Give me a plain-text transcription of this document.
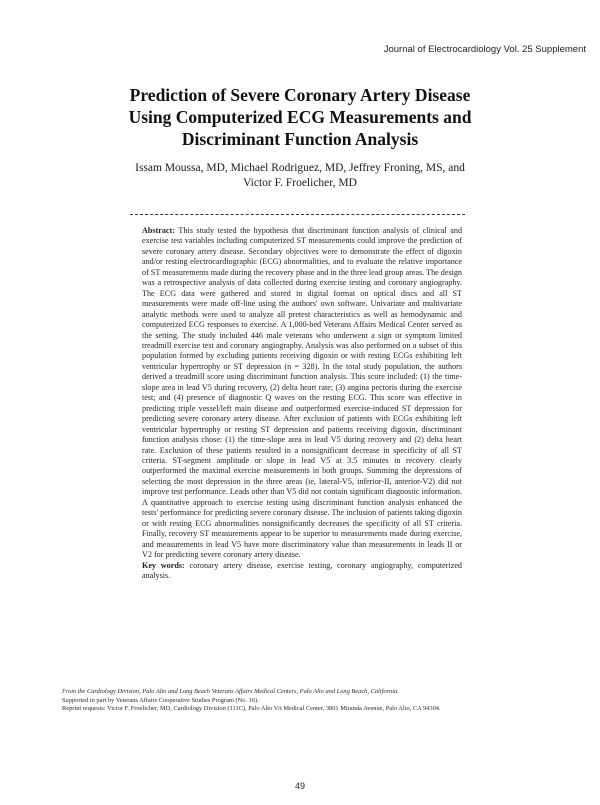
Journal of Electrocardiology Vol. 25 Supplement
Prediction of Severe Coronary Artery Disease
Using Computerized ECG Measurements and
Discriminant Function Analysis
Issam Moussa, MD, Michael Rodriguez, MD, Jeffrey Froning, MS, and
Victor F. Froelicher, MD

Abstract: This study tested the hypothesis that discriminant function analysis of clinical and exercise test variables including computerized ST measurements could improve the prediction of severe coronary artery disease. Secondary objectives were to demonstrate the effect of digoxin and/or resting electrocardiographic (ECG) abnormalities, and to evaluate the relative importance of ST measurements made during the recovery phase and in the three lead group areas. The design was a retrospective analysis of data collected during exercise testing and coronary angiography. The ECG data were gathered and stored in digital format on optical discs and all ST measurements were made off-line using the authors' own software. Univariate and multivariate analytic methods were used to analyze all pretest characteristics as well as hemodynamic and computerized ECG responses to exercise. A 1,000-bed Veterans Affairs Medical Center served as the setting. The study included 446 male veterans who underwent a sign or symptom limited treadmill exercise test and coronary angiography. Analysis was also performed on a subset of this population formed by excluding patients receiving digoxin or with resting ECGs exhibiting left ventricular hypertrophy or ST depression (n = 328). In the total study population, the authors derived a treadmill score using discriminant function analysis. This score included: (1) the time-slope area in lead V5 during recovery, (2) delta heart rate; (3) angina pectoris during the exercise test; and (4) presence of diagnostic Q waves on the resting ECG. This score was effective in predicting triple vessel/left main disease and outperformed exercise-induced ST depression for predicting severe coronary artery disease. After exclusion of patients with ECGs exhibiting left ventricular hypertrophy or resting ST depression and patients receiving digoxin, discriminant function analysis chose: (1) the time-slope area in lead V5 during recovery and (2) delta heart rate. Exclusion of these patients resulted in a nonsignificant decrease in specificity of all ST criteria. ST-segment amplitude or slope in lead V5 at 3.5 minutes in recovery clearly outperformed the maximal exercise measurements in both groups. Summing the depressions of selecting the most depression in the three areas (ie, lateral-V5, inferior-II, anterior-V2) did not improve test performance. Leads other than V5 did not contain significant diagnostic information. A quantitative approach to exercise testing using discriminant function analysis enhanced the tests' performance for predicting severe coronary disease. The inclusion of patients taking digoxin or with resting ECG abnormalities nonsignificantly decreases the specificity of all ST criteria. Finally, recovery ST measurements appear to be superior to measurements made during exercise, and measurements in lead V5 have more discriminatory value than measurements in leads II or V2 for predicting severe coronary artery disease.

Key words: coronary artery disease, exercise testing, coronary angiography, computerized analysis.

From the Cardiology Division, Palo Alto and Long Beach Veterans Affairs Medical Centers, Palo Alto and Long Beach, California.

Supported in part by Veterans Affairs Cooperative Studies Program (No. 16).

Reprint requests: Victor F. Froelicher, MD, Cardiology Division (111C), Palo Alto VA Medical Center, 3801 Miranda Avenue, Palo Alto, CA 94304.

49
